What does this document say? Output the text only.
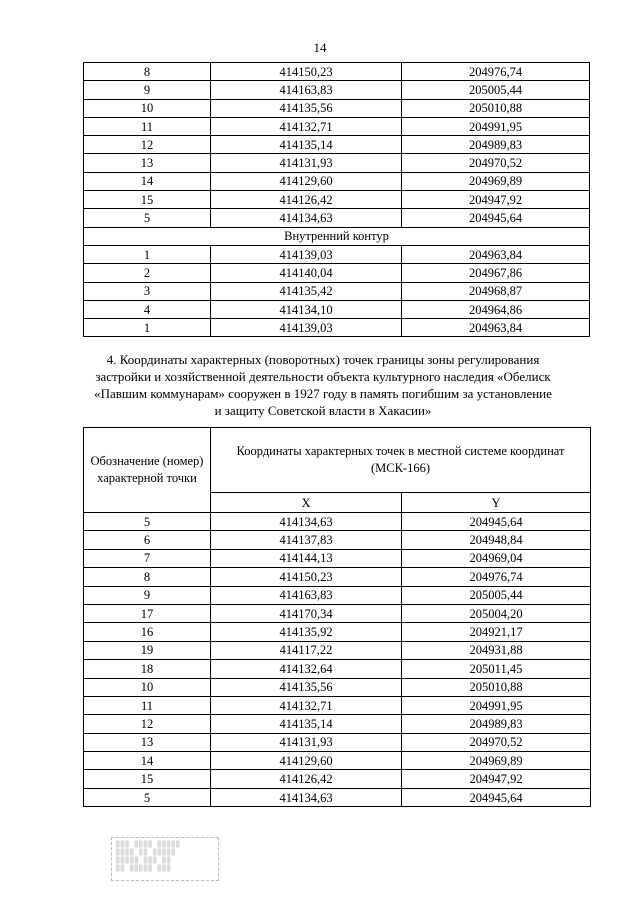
14
8	414150,23	204976,74
9	414163,83	205005,44
10	414135,56	205010,88
11	414132,71	204991,95
12	414135,14	204989,83
13	414131,93	204970,52
14	414129,60	204969,89
15	414126,42	204947,92
5	414134,63	204945,64
Внутренний контур		
1	414139,03	204963,84
2	414140,04	204967,86
3	414135,42	204968,87
4	414134,10	204964,86
1	414139,03	204963,84
4. Координаты характерных (поворотных) точек границы зоны регулирования застройки и хозяйственной деятельности объекта культурного наследия «Обелиск «Павшим коммунарам» сооружен в 1927 году в память погибшим за установление и защиту Советской власти в Хакасии»
Обозначение (номер) характерной точки	Координаты характерных точек в местной системе координат (МСК-166)	
	X	Y
5	414134,63	204945,64
6	414137,83	204948,84
7	414144,13	204969,04
8	414150,23	204976,74
9	414163,83	205005,44
17	414170,34	205004,20
16	414135,92	204921,17
19	414117,22	204931,88
18	414132,64	205011,45
10	414135,56	205010,88
11	414132,71	204991,95
12	414135,14	204989,83
13	414131,93	204970,52
14	414129,60	204969,89
15	414126,42	204947,92
5	414134,63	204945,64
▒▒▒ ▒▒▒▒ ▒▒▒▒▒
▒▒▒▒ ▒▒ ▒▒▒▒▒
▒▒▒▒▒ ▒▒▒ ▒▒
▒▒ ▒▒▒▒▒ ▒▒▒
